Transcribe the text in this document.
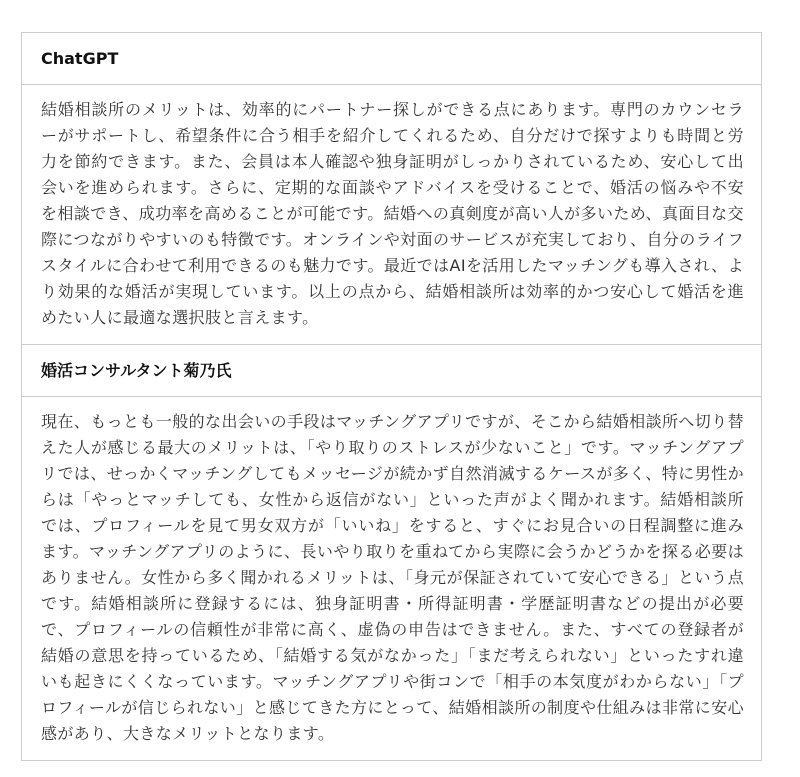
ChatGPT
結婚相談所のメリットは、効率的にパートナー探しができる点にあります。専門のカウンセラーがサポートし、希望条件に合う相手を紹介してくれるため、自分だけで探すよりも時間と労力を節約できます。また、会員は本人確認や独身証明がしっかりされているため、安心して出会いを進められます。さらに、定期的な面談やアドバイスを受けることで、婚活の悩みや不安を相談でき、成功率を高めることが可能です。結婚への真剣度が高い人が多いため、真面目な交際につながりやすいのも特徴です。オンラインや対面のサービスが充実しており、自分のライフスタイルに合わせて利用できるのも魅力です。最近ではAIを活用したマッチングも導入され、より効果的な婚活が実現しています。以上の点から、結婚相談所は効率的かつ安心して婚活を進めたい人に最適な選択肢と言えます。
婚活コンサルタント菊乃氏
現在、もっとも一般的な出会いの手段はマッチングアプリですが、そこから結婚相談所へ切り替えた人が感じる最大のメリットは、「やり取りのストレスが少ないこと」です。マッチングアプリでは、せっかくマッチングしてもメッセージが続かず自然消滅するケースが多く、特に男性からは「やっとマッチしても、女性から返信がない」といった声がよく聞かれます。結婚相談所では、プロフィールを見て男女双方が「いいね」をすると、すぐにお見合いの日程調整に進みます。マッチングアプリのように、長いやり取りを重ねてから実際に会うかどうかを探る必要はありません。女性から多く聞かれるメリットは、「身元が保証されていて安心できる」という点です。結婚相談所に登録するには、独身証明書・所得証明書・学歴証明書などの提出が必要で、プロフィールの信頼性が非常に高く、虚偽の申告はできません。また、すべての登録者が結婚の意思を持っているため、「結婚する気がなかった」「まだ考えられない」といったすれ違いも起きにくくなっています。マッチングアプリや街コンで「相手の本気度がわからない」「プロフィールが信じられない」と感じてきた方にとって、結婚相談所の制度や仕組みは非常に安心感があり、大きなメリットとなります。
